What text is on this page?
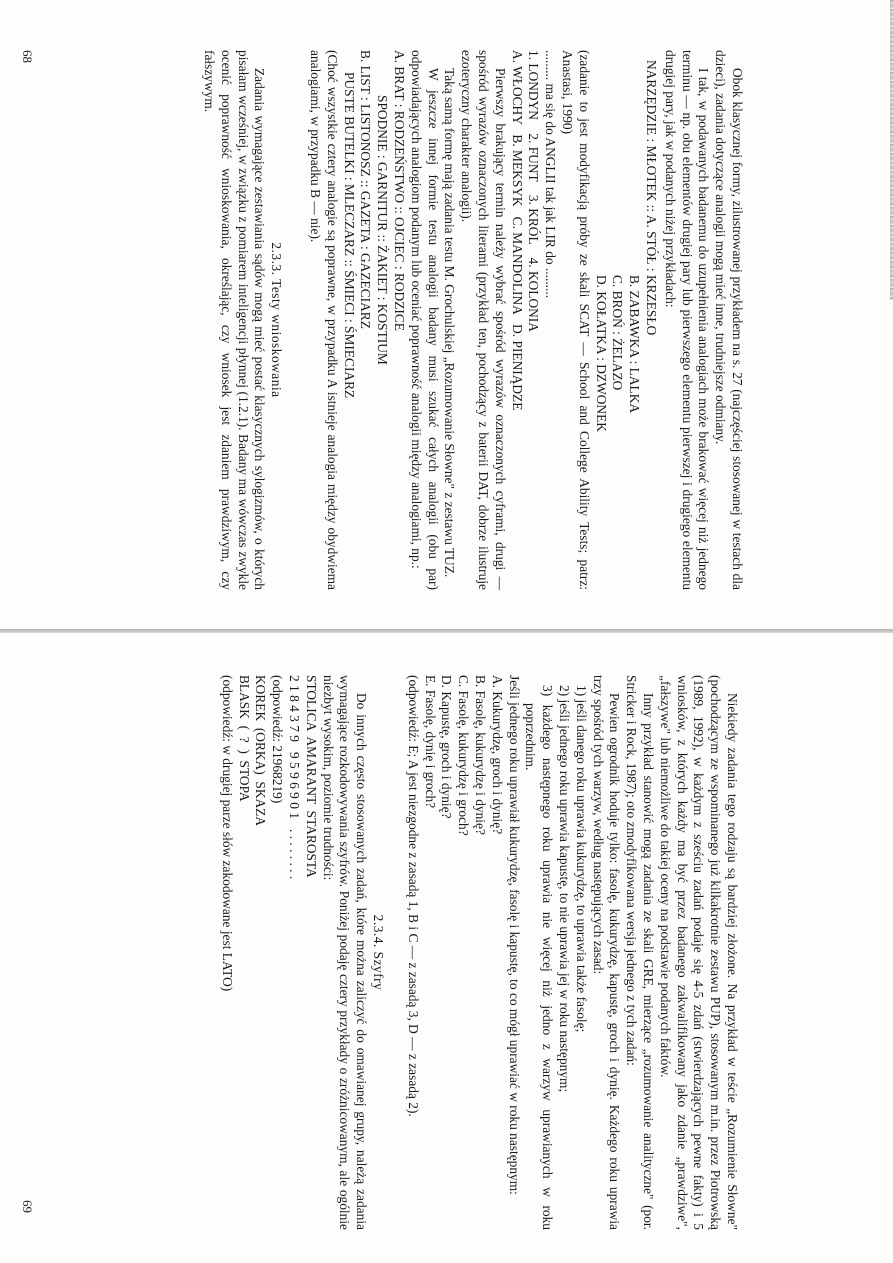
Obok klasycznej formy, zilustrowanej przykładem na s. 27 (najczęściej stosowanej w testach dla dzieci), zadania dotyczące analogii mogą mieć inne, trudniejsze odmiany.

I tak, w podawanych badanemu do uzupełnienia analogiach może brakować więcej niż jednego terminu — np. obu elementów drugiej pary lub pierwszego elementu pierwszej i drugiego elementu drugiej pary, jak w podanych niżej przykładach:

NARZĘDZIE : MŁOTEK :: A. STÓŁ : KRZESŁO

B. ZABAWKA : LALKA

C. BROŃ : ŻELAZO

D. KOŁATKA : DZWONEK

(zadanie to jest modyfikacją próby ze skali SCAT — School and College Ability Tests; patrz: Anastasi, 1990)

......... ma się do ANGLII tak jak LIR do .........

1. LONDYN    2. FUNT    3. KRÓL    4. KOLONIA

A. WŁOCHY   B. MEKSYK   C. MANDOLINA   D. PIENIĄDZE

Pierwszy brakujący termin należy wybrać spośród wyrazów oznaczonych cyframi, drugi — spośród wyrazów oznaczonych literami (przykład ten, pochodzący z baterii DAT, dobrze ilustruje ezoteryczny charakter analogii).

Taką samą formę mają zadania testu M. Grochulskiej „Rozumowanie Słowne" z zestawu TUZ.

W jeszcze innej formie testu analogii badany musi szukać całych analogii (obu par) odpowiadających analogiom podanym lub oceniać poprawność analogii między analogiami, np.:

A. BRAT : RODZEŃSTWO :: OJCIEC : RODZICE

SPODNIE : GARNITUR :: ŻAKIET : KOSTIUM

B. LIST : LISTONOSZ :: GAZETA : GAZECIARZ

PUSTE BUTELKI : MLECZARZ :: ŚMIECI : ŚMIECIARZ

(Choć wszystkie cztery analogie są poprawne, w przypadku A istnieje analogia między obydwiema analogiami, w przypadku B — nie).

2.3.3. Testy wnioskowania

Zadania wymagające zestawiania sądów mogą mieć postać klasycznych sylogizmów, o których pisałam wcześniej, w związku z pomiarem inteligencji płynnej (1.2.1). Badany ma wówczas zwykle ocenić poprawność wnioskowania, określając, czy wniosek jest zdaniem prawdziwym, czy fałszywym.

68

Niekiedy zadania tego rodzaju są bardziej złożone. Na przykład w teście „Rozumienie Słowne" (pochodzącym ze wspominanego już kilkakrotnie zestawu PUP), stosowanym m.in. przez Piotrowską (1989, 1992), w każdym z sześciu zadań podaje się 4-5 zdań (stwierdzających pewne fakty) i 5 wniosków, z których każdy ma być przez badanego zakwalifikowany jako zdanie „prawdziwe", „fałszywe" lub niemożliwe do takiej oceny na podstawie podanych faktów.

Inny przykład stanowić mogą zadania ze skali GRE, mierzące „rozumowanie analityczne" (por. Stricker i Rock, 1987); oto zmodyfikowana wersja jednego z tych zadań:

Pewien ogrodnik hoduje tylko: fasolę, kukurydzę, kapustę, groch i dynię. Każdego roku uprawia trzy spośród tych warzyw, według następujących zasad:

1) jeśli danego roku uprawia kukurydzę, to uprawia także fasolę;
2) jeśli jednego roku uprawia kapustę, to nie uprawia jej w roku następnym;
3) każdego następnego roku uprawia nie więcej niż jedno z warzyw uprawianych w roku poprzednim.

Jeśli jednego roku uprawiał kukurydzę, fasolę i kapustę, to co mógł uprawiać w roku następnym:

A. Kukurydzę, groch i dynię?

B. Fasolę, kukurydzę i dynię?

C. Fasolę, kukurydzę i groch?

D. Kapustę, groch i dynię?

E. Fasolę, dynię i groch?

(odpowiedź: E; A jest niezgodne z zasadą 1, B i C — z zasadą 3, D — z zasadą 2).

2.3.4. Szyfry

Do innych często stosowanych zadań, które można zaliczyć do omawianej grupy, należą zadania wymagające rozkodowywania szyfrów. Poniżej podaję cztery przykłady o zróżnicowanym, ale ogólnie niezbyt wysokim, poziomie trudności:

STOLICA  AMARANT  STAROSTA

2 1 8 4 3 7 9   9 5 9 6 9 0 1   . . . . . . . .

(odpowiedź: 21968219)

KOREK  (ORKA)  SKAZA

BLASK  (  ?  )  STOPA

(odpowiedź: w drugiej parze słów zakodowane jest LATO)

69
